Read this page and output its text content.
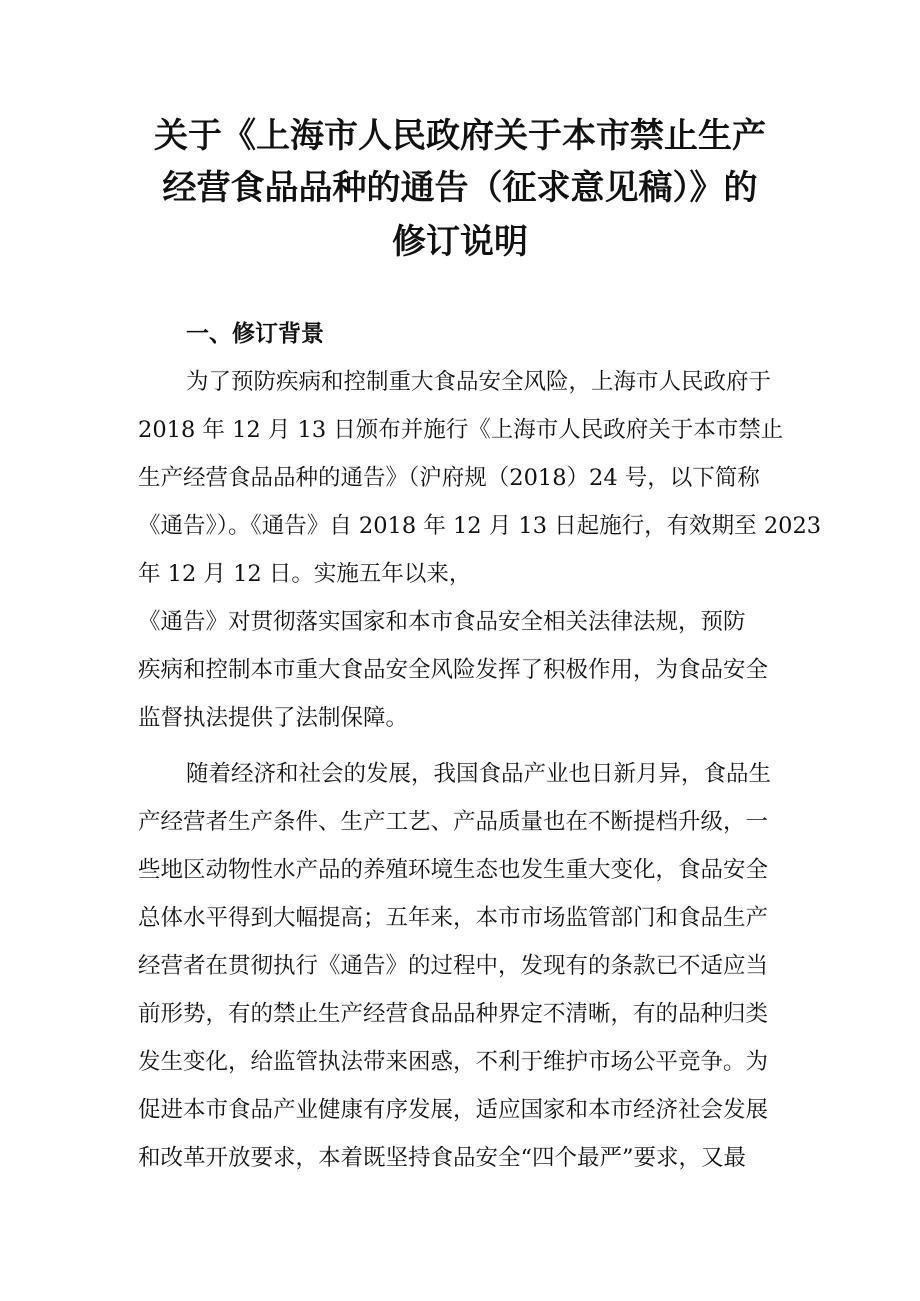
关于《上海市人民政府关于本市禁止生产
经营食品品种的通告（征求意见稿）》的
修订说明
一、修订背景
为了预防疾病和控制重大食品安全风险，上海市人民政府于
2018 年 12 月 13 日颁布并施行《上海市人民政府关于本市禁止
生产经营食品品种的通告》（沪府规（2018）24 号，以下简称
《通告》）。《通告》自 2018 年 12 月 13 日起施行，有效期至 2023
年 12 月 12 日。实施五年以来，
《通告》对贯彻落实国家和本市食品安全相关法律法规，预防
疾病和控制本市重大食品安全风险发挥了积极作用，为食品安全
监督执法提供了法制保障。
随着经济和社会的发展，我国食品产业也日新月异，食品生
产经营者生产条件、生产工艺、产品质量也在不断提档升级，一
些地区动物性水产品的养殖环境生态也发生重大变化，食品安全
总体水平得到大幅提高；五年来，本市市场监管部门和食品生产
经营者在贯彻执行《通告》的过程中，发现有的条款已不适应当
前形势，有的禁止生产经营食品品种界定不清晰，有的品种归类
发生变化，给监管执法带来困惑，不利于维护市场公平竞争。为
促进本市食品产业健康有序发展，适应国家和本市经济社会发展
和改革开放要求，本着既坚持食品安全“四个最严”要求，又最
